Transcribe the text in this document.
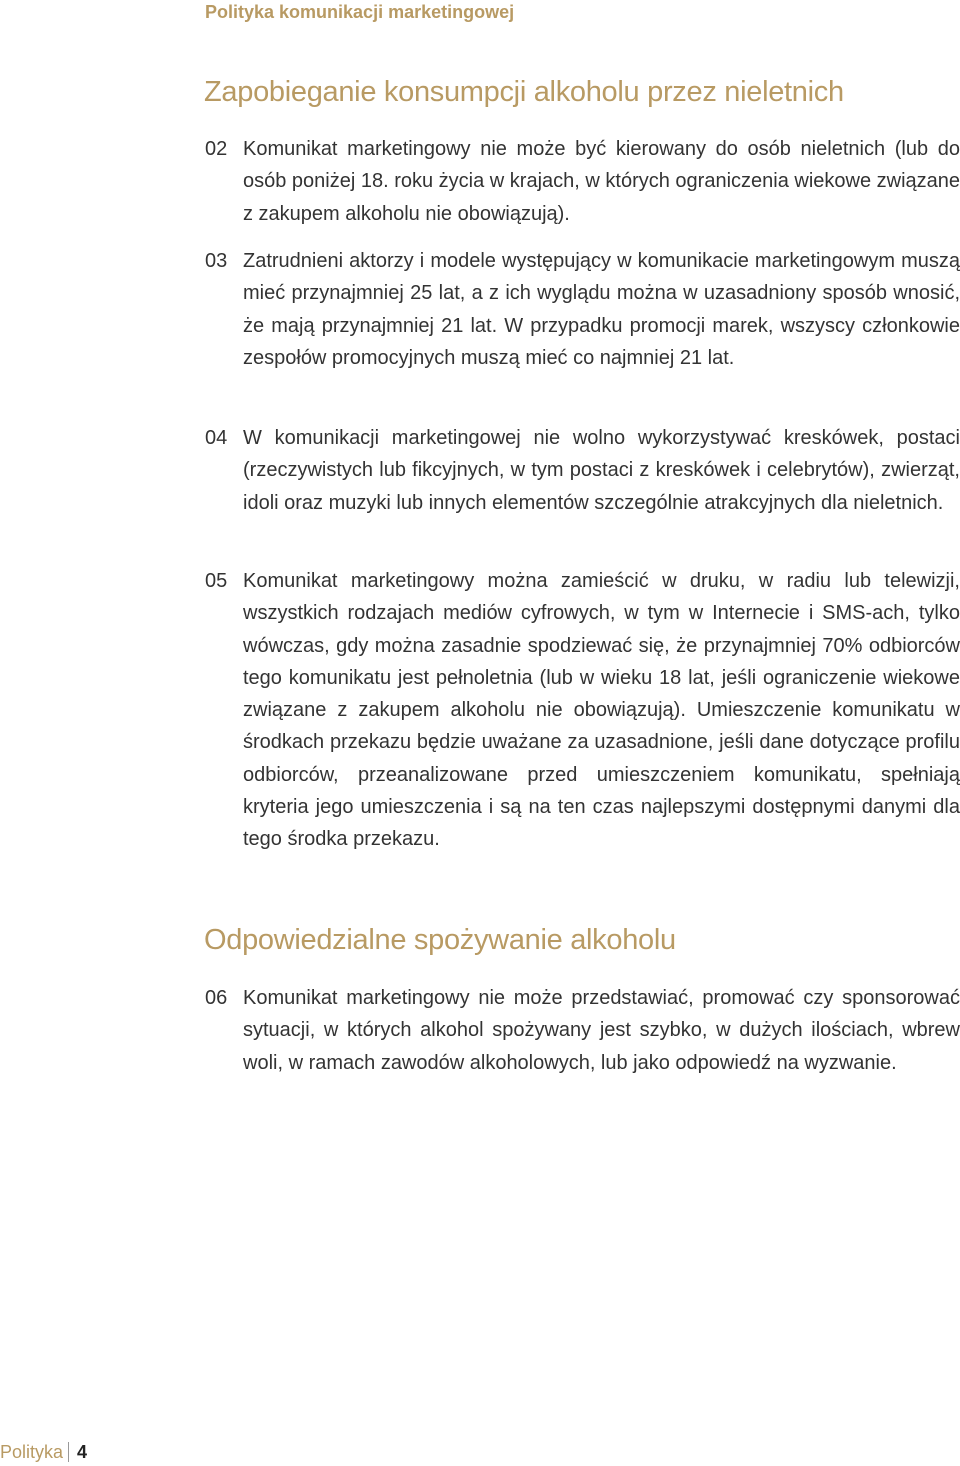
Polityka komunikacji marketingowej
Zapobieganie konsumpcji alkoholu przez nieletnich
02 Komunikat marketingowy nie może być kierowany do osób nieletnich (lub do osób poniżej 18. roku życia w krajach, w których ograniczenia wiekowe związane z zakupem alkoholu nie obowiązują).
03 Zatrudnieni aktorzy i modele występujący w komunikacie marketingowym muszą mieć przynajmniej 25 lat, a z ich wyglądu można w uzasadniony sposób wnosić, że mają przynajmniej 21 lat. W przypadku promocji marek, wszyscy członkowie zespołów promocyjnych muszą mieć co najmniej 21 lat.
04 W komunikacji marketingowej nie wolno wykorzystywać kreskówek, postaci (rzeczywistych lub fikcyjnych, w tym postaci z kreskówek i celebrytów), zwierząt, idoli oraz muzyki lub innych elementów szczególnie atrakcyjnych dla nieletnich.
05 Komunikat marketingowy można zamieścić w druku, w radiu lub telewizji, wszystkich rodzajach mediów cyfrowych, w tym w Internecie i SMS-ach, tylko wówczas, gdy można zasadnie spodziewać się, że przynajmniej 70% odbiorców tego komunikatu jest pełnoletnia (lub w wieku 18 lat, jeśli ograniczenie wiekowe związane z zakupem alkoholu nie obowiązują). Umieszczenie komunikatu w środkach przekazu będzie uważane za uzasadnione, jeśli dane dotyczące profilu odbiorców, przeanalizowane przed umieszczeniem komunikatu, spełniają kryteria jego umieszczenia i są na ten czas najlepszymi dostępnymi danymi dla tego środka przekazu.
Odpowiedzialne spożywanie alkoholu
06 Komunikat marketingowy nie może przedstawiać, promować czy sponsorować sytuacji, w których alkohol spożywany jest szybko, w dużych ilościach, wbrew woli, w ramach zawodów alkoholowych, lub jako odpowiedź na wyzwanie.
Polityka 4
